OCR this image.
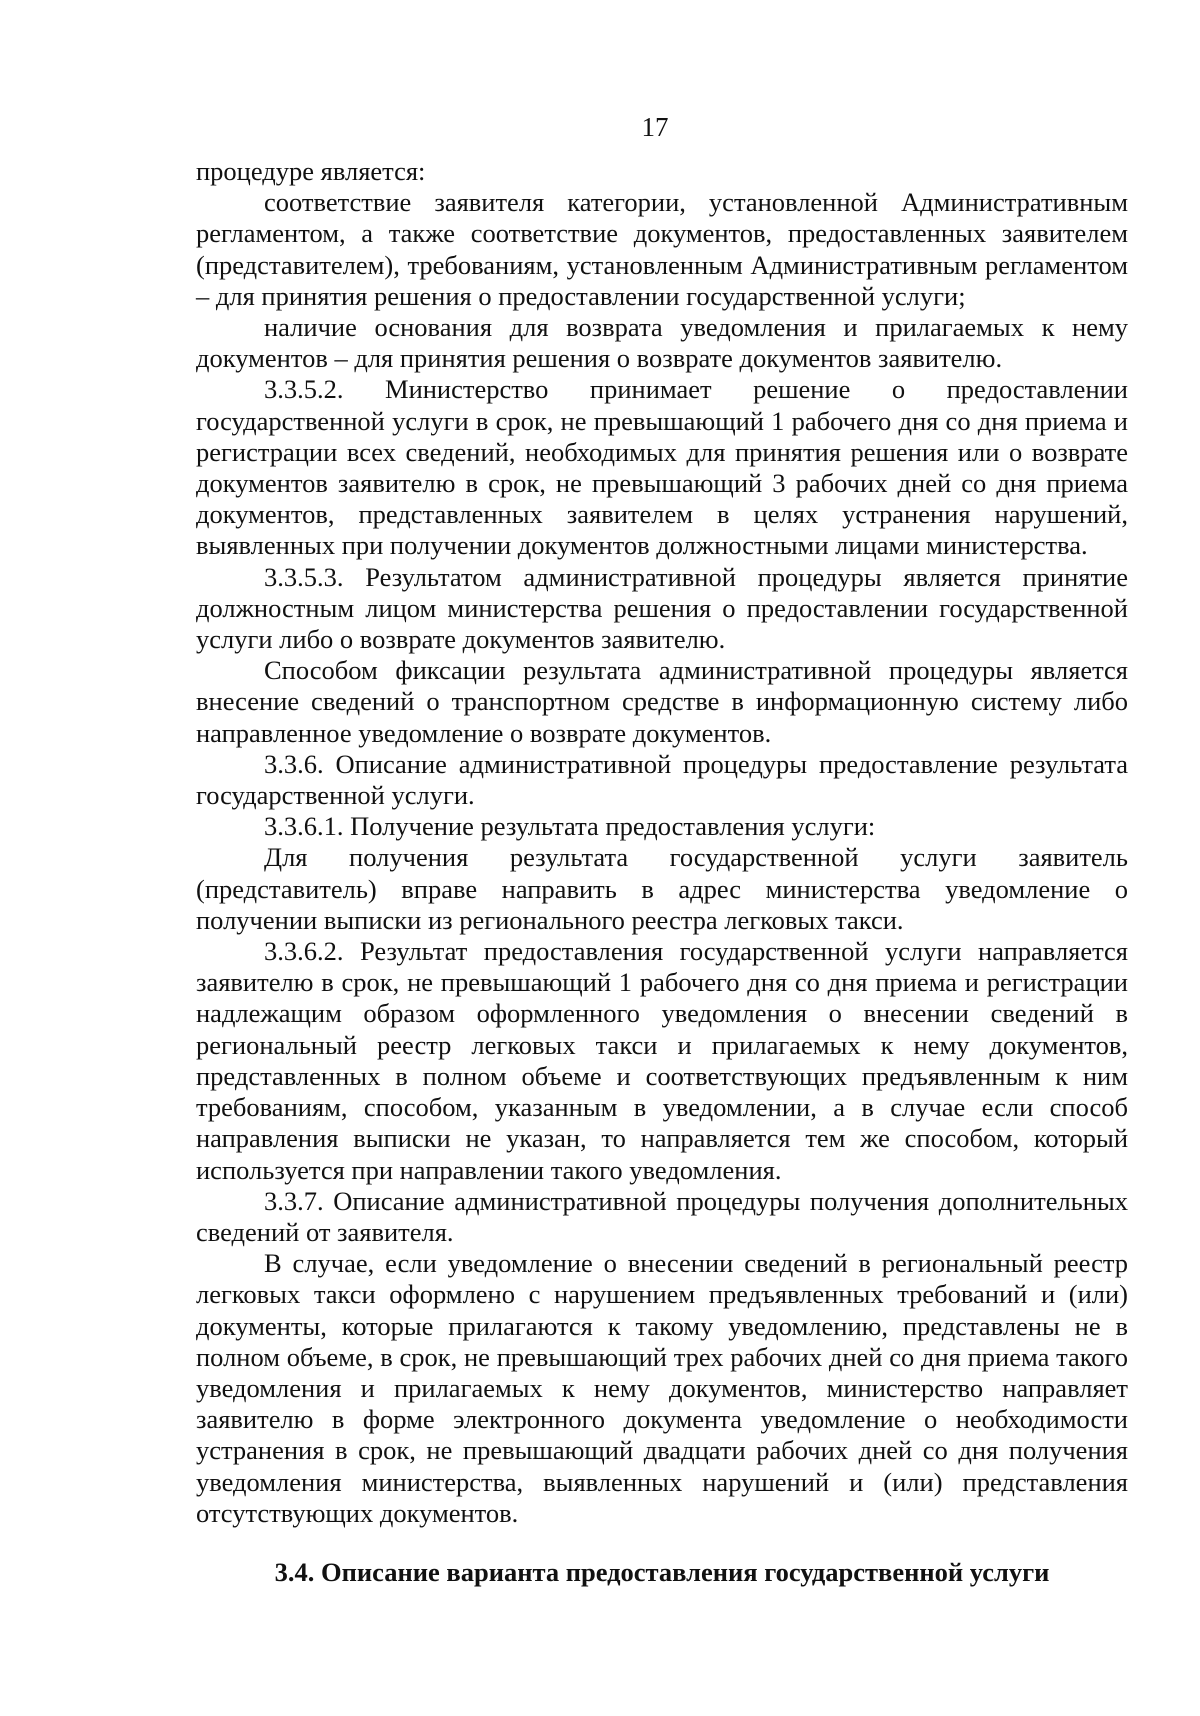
17

процедуре является:

соответствие заявителя категории, установленной Административным регламентом, а также соответствие документов, предоставленных заявителем (представителем), требованиям, установленным Административным регламентом – для принятия решения о предоставлении государственной услуги;

наличие основания для возврата уведомления и прилагаемых к нему документов – для принятия решения о возврате документов заявителю.

3.3.5.2. Министерство принимает решение о предоставлении государственной услуги в срок, не превышающий 1 рабочего дня со дня приема и регистрации всех сведений, необходимых для принятия решения или о возврате документов заявителю в срок, не превышающий 3 рабочих дней со дня приема документов, представленных заявителем в целях устранения нарушений, выявленных при получении документов должностными лицами министерства.

3.3.5.3. Результатом административной процедуры является принятие должностным лицом министерства решения о предоставлении государственной услуги либо о возврате документов заявителю.

Способом фиксации результата административной процедуры является внесение сведений о транспортном средстве в информационную систему либо направленное уведомление о возврате документов.

3.3.6. Описание административной процедуры предоставление результата государственной услуги.

3.3.6.1. Получение результата предоставления услуги:

Для получения результата государственной услуги заявитель (представитель) вправе направить в адрес министерства уведомление о получении выписки из регионального реестра легковых такси.

3.3.6.2. Результат предоставления государственной услуги направляется заявителю в срок, не превышающий 1 рабочего дня со дня приема и регистрации надлежащим образом оформленного уведомления о внесении сведений в региональный реестр легковых такси и прилагаемых к нему документов, представленных в полном объеме и соответствующих предъявленным к ним требованиям, способом, указанным в уведомлении, а в случае если способ направления выписки не указан, то направляется тем же способом, который используется при направлении такого уведомления.

3.3.7. Описание административной процедуры получения дополнительных сведений от заявителя.

В случае, если уведомление о внесении сведений в региональный реестр легковых такси оформлено с нарушением предъявленных требований и (или) документы, которые прилагаются к такому уведомлению, представлены не в полном объеме, в срок, не превышающий трех рабочих дней со дня приема такого уведомления и прилагаемых к нему документов, министерство направляет заявителю в форме электронного документа уведомление о необходимости устранения в срок, не превышающий двадцати рабочих дней со дня получения уведомления министерства, выявленных нарушений и (или) представления отсутствующих документов.

3.4. Описание варианта предоставления государственной услуги
